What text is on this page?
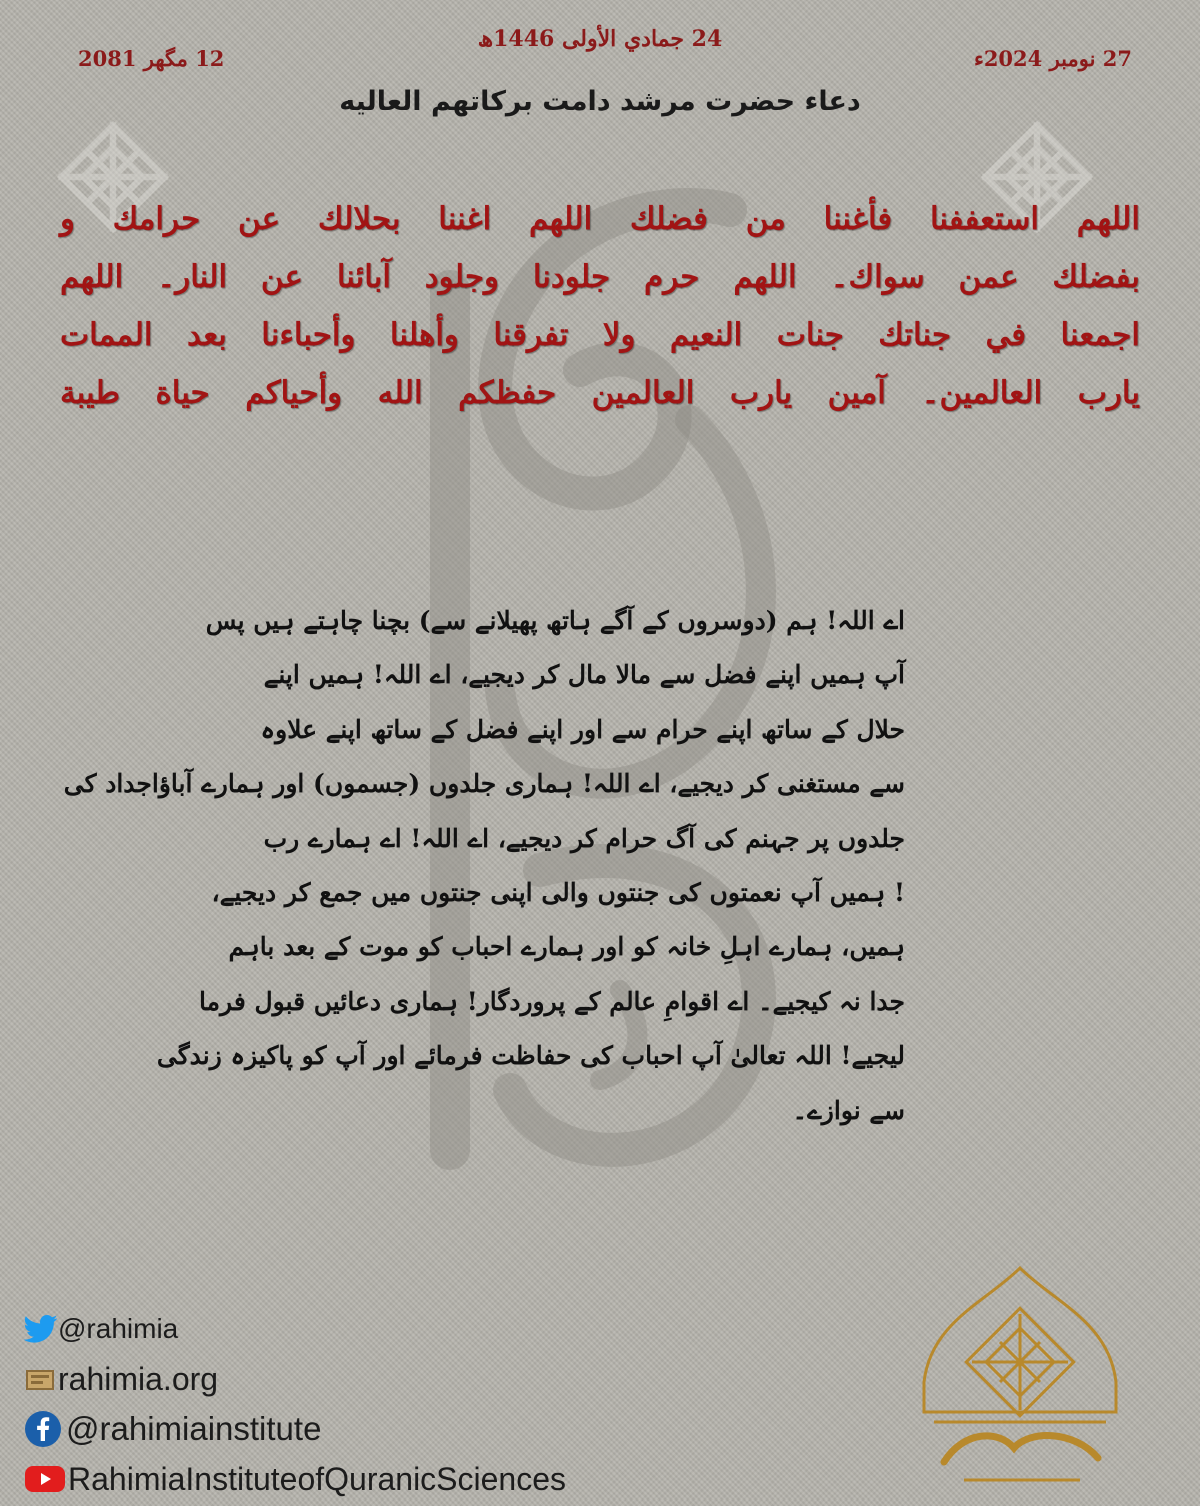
24 جمادي الأولى 1446ھ
27 نومبر 2024ء
12 مگھر 2081
دعاء حضرت مرشد دامت برکاتهم العاليه
اللهم استعففنا فأغننا من فضلك اللهم اغننا بحلالك عن حرامك و
بفضلك عمن سواك۔ اللهم حرم جلودنا وجلود آبائنا عن النار۔ اللهم
اجمعنا في جناتك جنات النعيم ولا تفرقنا وأهلنا وأحباءنا بعد الممات
يارب العالمين۔ آمين يارب العالمين حفظكم الله وأحياكم حياة طيبة
اے اللہ! ہم (دوسروں کے آگے ہاتھ پھیلانے سے) بچنا چاہتے ہیں پس
آپ ہمیں اپنے فضل سے مالا مال کر دیجیے، اے اللہ! ہمیں اپنے
حلال کے ساتھ اپنے حرام سے اور اپنے فضل کے ساتھ اپنے علاوہ
سے مستغنی کر دیجیے، اے اللہ! ہماری جلدوں (جسموں) اور ہمارے آباؤاجداد کی
جلدوں پر جہنم کی آگ حرام کر دیجیے، اے اللہ! اے ہمارے رب
! ہمیں آپ نعمتوں کی جنتوں والی اپنی جنتوں میں جمع کر دیجیے،
ہمیں، ہمارے اہلِ خانہ کو اور ہمارے احباب کو موت کے بعد باہم
جدا نہ کیجیے۔ اے اقوامِ عالم کے پروردگار! ہماری دعائیں قبول فرما
لیجیے! اللہ تعالیٰ آپ احباب کی حفاظت فرمائے اور آپ کو پاکیزہ زندگی
سے نوازے۔
@rahimia
rahimia.org
@rahimiainstitute
RahimiaInstituteofQuranicSciences
